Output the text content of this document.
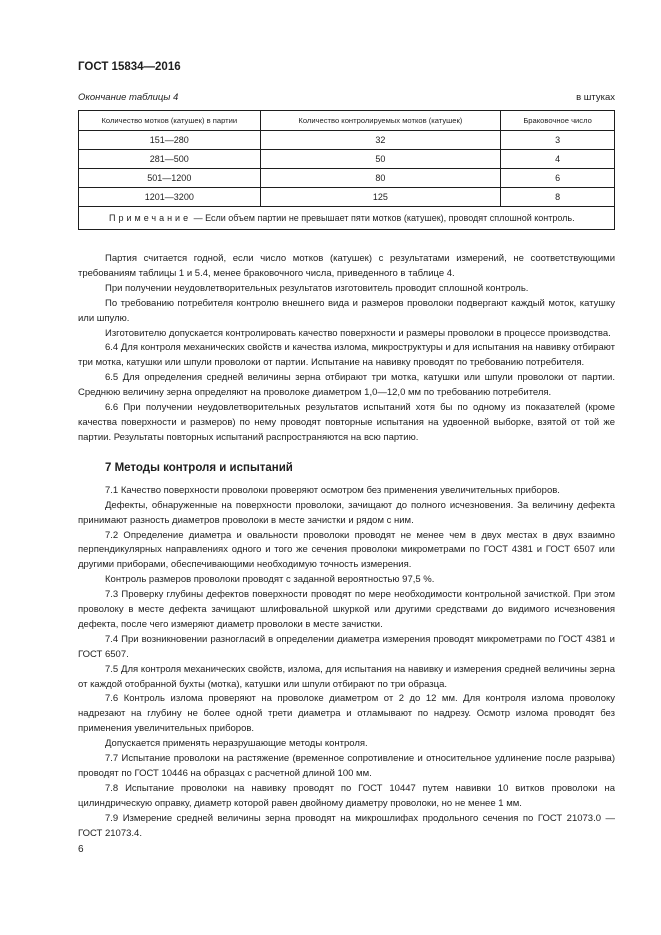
ГОСТ 15834—2016
Окончание таблицы 4	в штуках
Количество мотков (катушек) в партии	Количество контролируемых мотков (катушек)	Браковочное число
151—280	32	3
281—500	50	4
501—1200	80	6
1201—3200	125	8
Примечание — Если объем партии не превышает пяти мотков (катушек), проводят сплошной контроль.		

Партия считается годной, если число мотков (катушек) с результатами измерений, не соответствующими требованиям таблицы 1 и 5.4, менее браковочного числа, приведенного в таблице 4.

При получении неудовлетворительных результатов изготовитель проводит сплошной контроль.

По требованию потребителя контролю внешнего вида и размеров проволоки подвергают каждый моток, катушку или шпулю.

Изготовителю допускается контролировать качество поверхности и размеры проволоки в процессе производства.

6.4 Для контроля механических свойств и качества излома, микроструктуры и для испытания на навивку отбирают три мотка, катушки или шпули проволоки от партии. Испытание на навивку проводят по требованию потребителя.

6.5 Для определения средней величины зерна отбирают три мотка, катушки или шпули проволоки от партии. Среднюю величину зерна определяют на проволоке диаметром 1,0—12,0 мм по требованию потребителя.

6.6 При получении неудовлетворительных результатов испытаний хотя бы по одному из показателей (кроме качества поверхности и размеров) по нему проводят повторные испытания на удвоенной выборке, взятой от той же партии. Результаты повторных испытаний распространяются на всю партию.

7 Методы контроля и испытаний

7.1 Качество поверхности проволоки проверяют осмотром без применения увеличительных приборов.

Дефекты, обнаруженные на поверхности проволоки, зачищают до полного исчезновения. За величину дефекта принимают разность диаметров проволоки в месте зачистки и рядом с ним.

7.2 Определение диаметра и овальности проволоки проводят не менее чем в двух местах в двух взаимно перпендикулярных направлениях одного и того же сечения проволоки микрометрами по ГОСТ 4381 и ГОСТ 6507 или другими приборами, обеспечивающими необходимую точность измерения.

Контроль размеров проволоки проводят с заданной вероятностью 97,5 %.

7.3 Проверку глубины дефектов поверхности проводят по мере необходимости контрольной зачисткой. При этом проволоку в месте дефекта зачищают шлифовальной шкуркой или другими средствами до видимого исчезновения дефекта, после чего измеряют диаметр проволоки в месте зачистки.

7.4 При возникновении разногласий в определении диаметра измерения проводят микрометрами по ГОСТ 4381 и ГОСТ 6507.

7.5 Для контроля механических свойств, излома, для испытания на навивку и измерения средней величины зерна от каждой отобранной бухты (мотка), катушки или шпули отбирают по три образца.

7.6 Контроль излома проверяют на проволоке диаметром от 2 до 12 мм. Для контроля излома проволоку надрезают на глубину не более одной трети диаметра и отламывают по надрезу. Осмотр излома проводят без применения увеличительных приборов.

Допускается применять неразрушающие методы контроля.

7.7 Испытание проволоки на растяжение (временное сопротивление и относительное удлинение после разрыва) проводят по ГОСТ 10446 на образцах с расчетной длиной 100 мм.

7.8 Испытание проволоки на навивку проводят по ГОСТ 10447 путем навивки 10 витков проволоки на цилиндрическую оправку, диаметр которой равен двойному диаметру проволоки, но не менее 1 мм.

7.9 Измерение средней величины зерна проводят на микрошлифах продольного сечения по ГОСТ 21073.0 — ГОСТ 21073.4.

6
